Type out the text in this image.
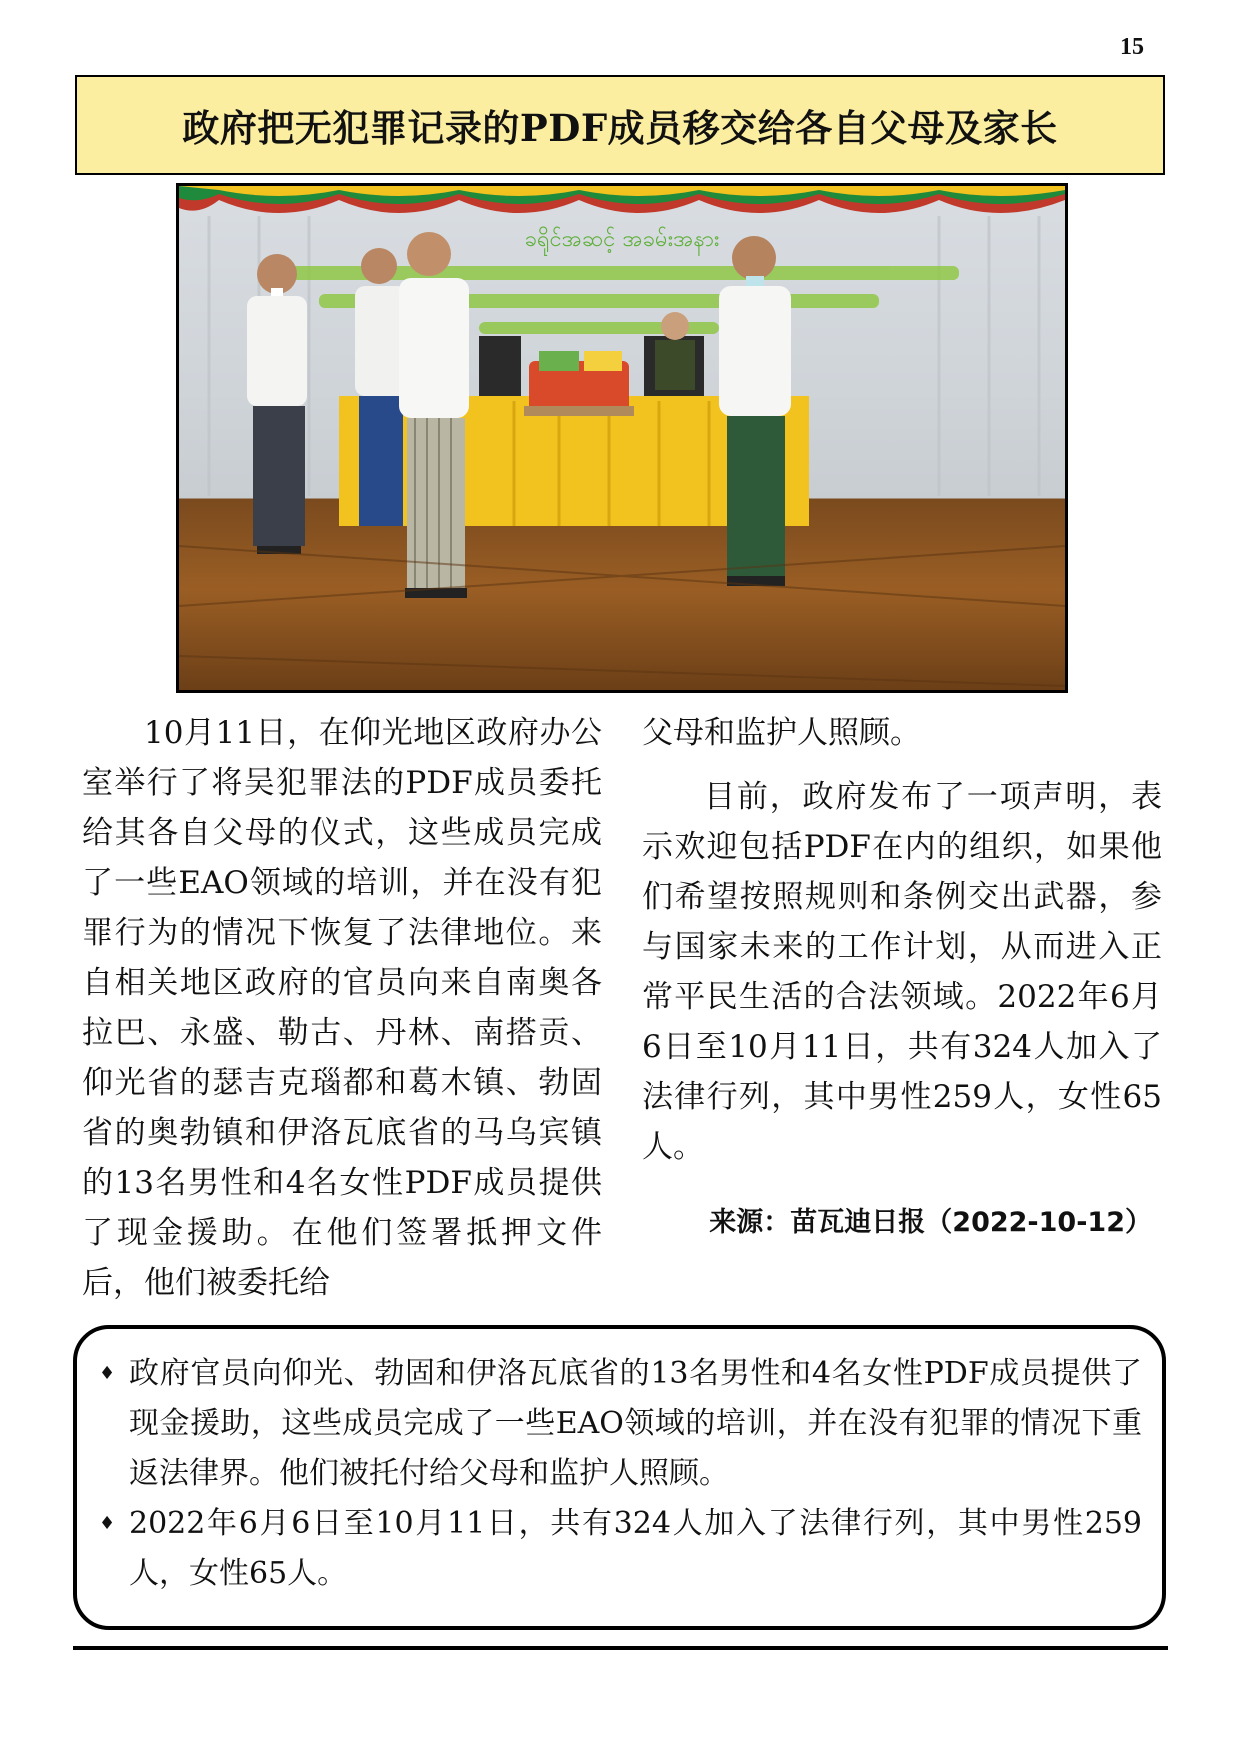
15
政府把无犯罪记录的PDF成员移交给各自父母及家长
ခရိုင်အဆင့် အခမ်းအနား
10月11日，在仰光地区政府办公室举行了将吴犯罪法的PDF成员委托给其各自父母的仪式，这些成员完成了一些EAO领域的培训，并在没有犯罪行为的情况下恢复了法律地位。来自相关地区政府的官员向来自南奥各拉巴、永盛、勒古、丹林、南搭贡、仰光省的瑟吉克瑙都和葛木镇、勃固省的奥勃镇和伊洛瓦底省的马乌宾镇的13名男性和4名女性PDF成员提供了现金援助。在他们签署抵押文件后，他们被委托给

父母和监护人照顾。

目前，政府发布了一项声明，表示欢迎包括PDF在内的组织，如果他们希望按照规则和条例交出武器，参与国家未来的工作计划，从而进入正常平民生活的合法领域。2022年6月6日至10月11日，共有324人加入了法律行列，其中男性259人，女性65人。

来源：苗瓦迪日报（2022-10-12）
♦ 政府官员向仰光、勃固和伊洛瓦底省的13名男性和4名女性PDF成员提供了现金援助，这些成员完成了一些EAO领域的培训，并在没有犯罪的情况下重返法律界。他们被托付给父母和监护人照顾。
♦ 2022年6月6日至10月11日，共有324人加入了法律行列，其中男性259人，女性65人。
